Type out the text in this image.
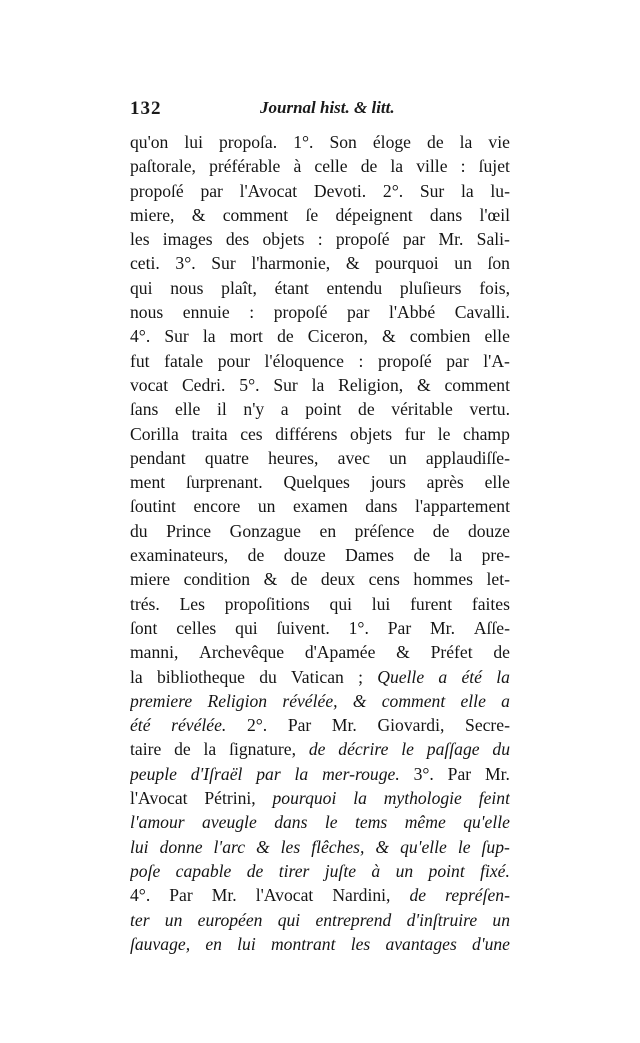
132	Journal hist. & litt.
qu'on lui propoſa. 1°. Son éloge de la vie
paſtorale, préférable à celle de la ville : ſujet
propoſé par l'Avocat Devoti. 2°. Sur la lu-
miere, & comment ſe dépeignent dans l'œil
les images des objets : propoſé par Mr. Sali-
ceti. 3°. Sur l'harmonie, & pourquoi un ſon
qui nous plaît, étant entendu pluſieurs fois,
nous ennuie : propoſé par l'Abbé Cavalli.
4°. Sur la mort de Ciceron, & combien elle
fut fatale pour l'éloquence : propoſé par l'A-
vocat Cedri. 5°. Sur la Religion, & comment
ſans elle il n'y a point de véritable vertu.
Corilla traita ces différens objets fur le champ
pendant quatre heures, avec un applaudiſſe-
ment ſurprenant. Quelques jours après elle
ſoutint encore un examen dans l'appartement
du Prince Gonzague en préſence de douze
examinateurs, de douze Dames de la pre-
miere condition & de deux cens hommes let-
trés. Les propoſitions qui lui furent faites
ſont celles qui ſuivent. 1°. Par Mr. Aſſe-
manni, Archevêque d'Apamée & Préfet de
la bibliotheque du Vatican ; Quelle a été la
premiere Religion révélée, & comment elle a
été révélée. 2°. Par Mr. Giovardi, Secre-
taire de la ſignature, de décrire le paſſage du
peuple d'Iſraël par la mer-rouge. 3°. Par Mr.
l'Avocat Pétrini, pourquoi la mythologie feint
l'amour aveugle dans le tems même qu'elle
lui donne l'arc & les flêches, & qu'elle le ſup-
poſe capable de tirer juſte à un point fixé.
4°. Par Mr. l'Avocat Nardini, de repréſen-
ter un européen qui entreprend d'inſtruire un
ſauvage, en lui montrant les avantages d'une
